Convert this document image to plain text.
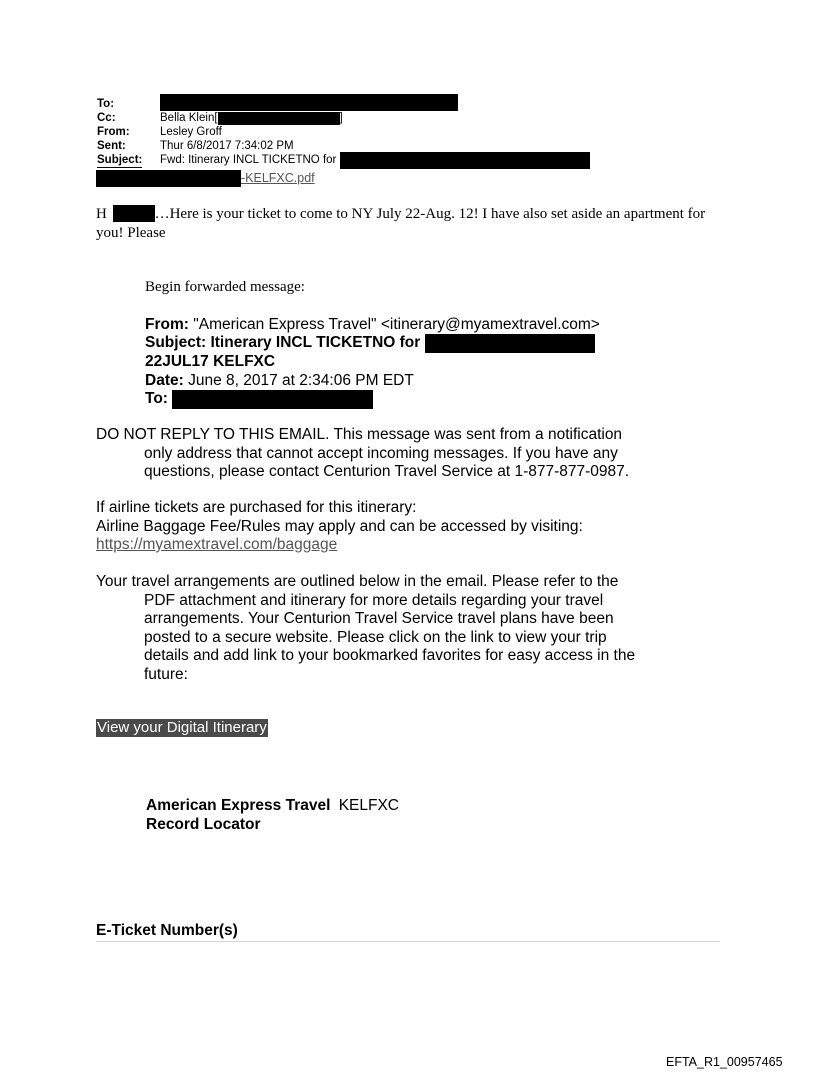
To:
Cc:	Bella Klein[	]
From:	Lesley Groff
Sent:	Thur 6/8/2017 7:34:02 PM
Subject: Fwd: Itinerary INCL TICKETNO for
-KELFXC.pdf
H	…Here is your ticket to come to NY July 22-Aug. 12! I have also set aside an apartment for you! Please
Begin forwarded message:
From: "American Express Travel" <itinerary@myamextravel.com>
Subject: Itinerary INCL TICKETNO for
22JUL17 KELFXC
Date: June 8, 2017 at 2:34:06 PM EDT
To:
DO NOT REPLY TO THIS EMAIL. This message was sent from a notification
only address that cannot accept incoming messages. If you have any
questions, please contact Centurion Travel Service at 1-877-877-0987.
If airline tickets are purchased for this itinerary:
Airline Baggage Fee/Rules may apply and can be accessed by visiting:
https://myamextravel.com/baggage
Your travel arrangements are outlined below in the email. Please refer to the
PDF attachment and itinerary for more details regarding your travel
arrangements. Your Centurion Travel Service travel plans have been
posted to a secure website. Please click on the link to view your trip
details and add link to your bookmarked favorites for easy access in the
future:
View your Digital Itinerary
American Express Travel KELFXC
Record Locator
E-Ticket Number(s)
EFTA_R1_00957465
